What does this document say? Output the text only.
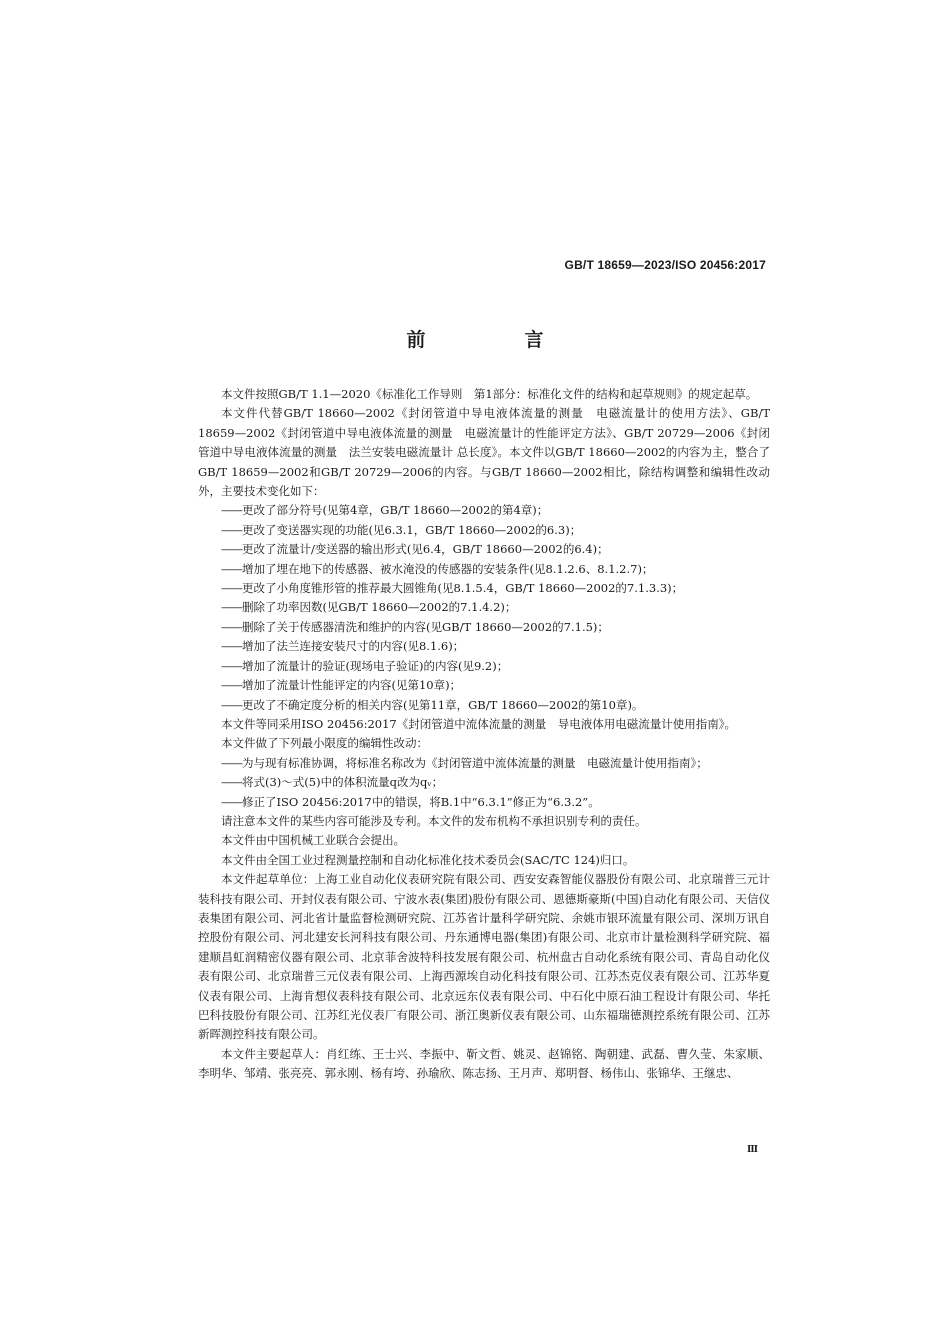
GB/T 18659—2023/ISO 20456:2017
前　言

本文件按照GB/T 1.1—2020《标准化工作导则　第1部分：标准化文件的结构和起草规则》的规定起草。

本文件代替GB/T 18660—2002《封闭管道中导电液体流量的测量　电磁流量计的使用方法》、GB/T 18659—2002《封闭管道中导电液体流量的测量　电磁流量计的性能评定方法》、GB/T 20729—2006《封闭管道中导电液体流量的测量　法兰安装电磁流量计 总长度》。本文件以GB/T 18660—2002的内容为主，整合了GB/T 18659—2002和GB/T 20729—2006的内容。与GB/T 18660—2002相比，除结构调整和编辑性改动外，主要技术变化如下：

—— 更改了部分符号(见第4章，GB/T 18660—2002的第4章)；

—— 更改了变送器实现的功能(见6.3.1，GB/T 18660—2002的6.3)；

—— 更改了流量计/变送器的输出形式(见6.4，GB/T 18660—2002的6.4)；

—— 增加了埋在地下的传感器、被水淹没的传感器的安装条件(见8.1.2.6、8.1.2.7)；

—— 更改了小角度锥形管的推荐最大圆锥角(见8.1.5.4，GB/T 18660—2002的7.1.3.3)；

—— 删除了功率因数(见GB/T 18660—2002的7.1.4.2)；

—— 删除了关于传感器清洗和维护的内容(见GB/T 18660—2002的7.1.5)；

—— 增加了法兰连接安装尺寸的内容(见8.1.6)；

—— 增加了流量计的验证(现场电子验证)的内容(见9.2)；

—— 增加了流量计性能评定的内容(见第10章)；

—— 更改了不确定度分析的相关内容(见第11章，GB/T 18660—2002的第10章)。

本文件等同采用ISO 20456:2017《封闭管道中流体流量的测量　导电液体用电磁流量计使用指南》。

本文件做了下列最小限度的编辑性改动：

—— 为与现有标准协调，将标准名称改为《封闭管道中流体流量的测量　电磁流量计使用指南》；

—— 将式(3)～式(5)中的体积流量q改为qᵥ；

—— 修正了ISO 20456:2017中的错误，将B.1中“6.3.1”修正为“6.3.2”。

请注意本文件的某些内容可能涉及专利。本文件的发布机构不承担识别专利的责任。

本文件由中国机械工业联合会提出。

本文件由全国工业过程测量控制和自动化标准化技术委员会(SAC/TC 124)归口。

本文件起草单位：上海工业自动化仪表研究院有限公司、西安安森智能仪器股份有限公司、北京瑞普三元计装科技有限公司、开封仪表有限公司、宁波水表(集团)股份有限公司、恩德斯豪斯(中国)自动化有限公司、天信仪表集团有限公司、河北省计量监督检测研究院、江苏省计量科学研究院、余姚市银环流量有限公司、深圳万讯自控股份有限公司、河北建安长河科技有限公司、丹东通博电器(集团)有限公司、北京市计量检测科学研究院、福建顺昌虹润精密仪器有限公司、北京菲舍波特科技发展有限公司、杭州盘古自动化系统有限公司、青岛自动化仪表有限公司、北京瑞普三元仪表有限公司、上海西源埃自动化科技有限公司、江苏杰克仪表有限公司、江苏华夏仪表有限公司、上海肯想仪表科技有限公司、北京远东仪表有限公司、中石化中原石油工程设计有限公司、华托巴科技股份有限公司、江苏红光仪表厂有限公司、浙江奥新仪表有限公司、山东福瑞德测控系统有限公司、江苏新晖测控科技有限公司。

本文件主要起草人：肖红练、王士兴、李振中、靳文哲、姚灵、赵锦铭、陶朝建、武磊、曹久莹、朱家顺、李明华、邹靖、张亮亮、郭永刚、杨有垮、孙瑜欣、陈志扬、王月声、郑明督、杨伟山、张锦华、王继忠、

Ⅲ
